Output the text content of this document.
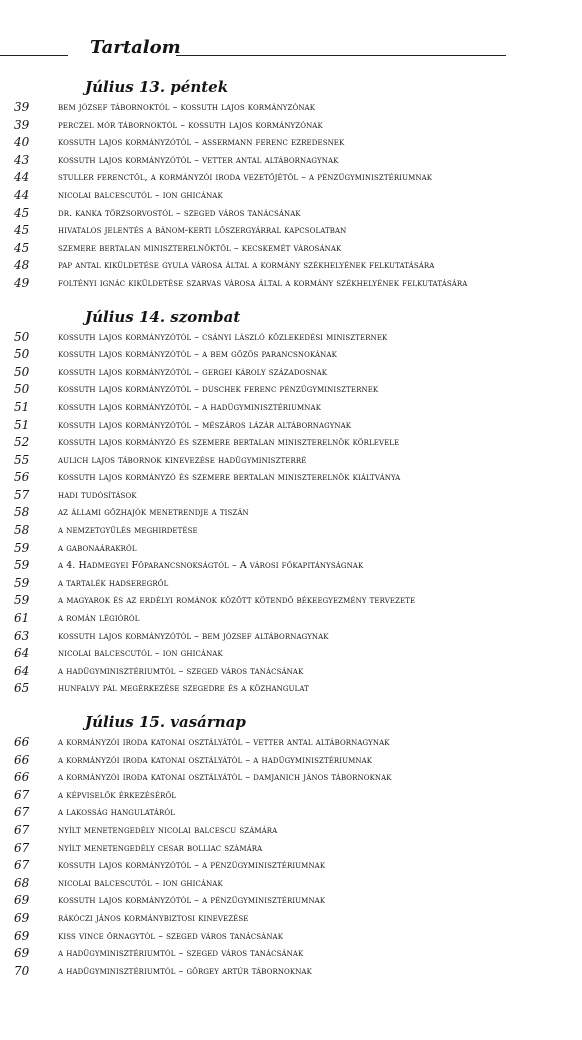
Tartalom
Július 13. péntek
39	bem józsef tábornoktól – kossuth lajos kormányzónak
39	perczel mór tábornoktól – kossuth lajos kormányzónak
40	kossuth lajos kormányzótól – assermann ferenc ezredesnek
43	kossuth lajos kormányzótól – vetter antal altábornagynak
44	stuller ferenctől, a kormányzói iroda vezetőjétől – a pénzügyminisztériumnak
44	nicolai balcescutól – ion ghicának
45	dr. kanka törzsorvostól – szeged város tanácsának
45	hivatalos jelentés a bánom-kerti lőszergyárral kapcsolatban
45	szemere bertalan miniszterelnöktől – kecskemét városának
48	pap antal kiküldetése gyula városa által a kormány székhelyének felkutatására
49	foltényi ignác kiküldetése szarvas városa által a kormány székhelyének felkutatására
Július 14. szombat
50	kossuth lajos kormányzótól – csányi lászló közlekedési miniszternek
50	kossuth lajos kormányzótól – a bem gőzös parancsnokának
50	kossuth lajos kormányzótól – gergei károly századosnak
50	kossuth lajos kormányzótól – duschek ferenc pénzügyminiszternek
51	kossuth lajos kormányzótól – a hadügyminisztériumnak
51	kossuth lajos kormányzótól – mészáros lázár altábornagynak
52	kossuth lajos kormányzó és szemere bertalan miniszterelnök körlevele
55	aulich lajos tábornok kinevezése hadügyminiszterré
56	kossuth lajos kormányzó és szemere bertalan miniszterelnök kiáltványa
57	hadi tudósítások
58	az állami gőzhajók menetrendje a tiszán
58	a nemzetgyűlés meghirdetése
59	a gabonaárakról
59	a 4. Hadmegyei Főparancsnokságtól – A városi főkapitányságnak
59	a tartalék hadseregről
59	a magyarok és az erdélyi románok között kötendő békeegyezmény tervezete
61	a román légióról
63	kossuth lajos kormányzótól – bem józsef altábornagynak
64	nicolai balcescutól – ion ghicának
64	a hadügyminisztériumtól – szeged város tanácsának
65	hunfalvy pál megérkezése szegedre és a közhangulat
Július 15. vasárnap
66	a kormányzói iroda katonai osztályától – vetter antal altábornagynak
66	a kormányzói iroda katonai osztályától – a hadügyminisztériumnak
66	a kormányzói iroda katonai osztályától – damjanich jános tábornoknak
67	a képviselők érkezéséről
67	a lakosság hangulatáról
67	nyílt menetengedély nicolai balcescu számára
67	nyílt menetengedély cesar bolliac számára
67	kossuth lajos kormányzótól – a pénzügyminisztériumnak
68	nicolai balcescutól – ion ghicának
69	kossuth lajos kormányzótól – a pénzügyminisztériumnak
69	rákóczi jános kormánybiztosi kinevezése
69	kiss vince őrnagytól – szeged város tanácsának
69	a hadügyminisztériumtól – szeged város tanácsának
70	a hadügyminisztériumtól – görgey artúr tábornoknak
